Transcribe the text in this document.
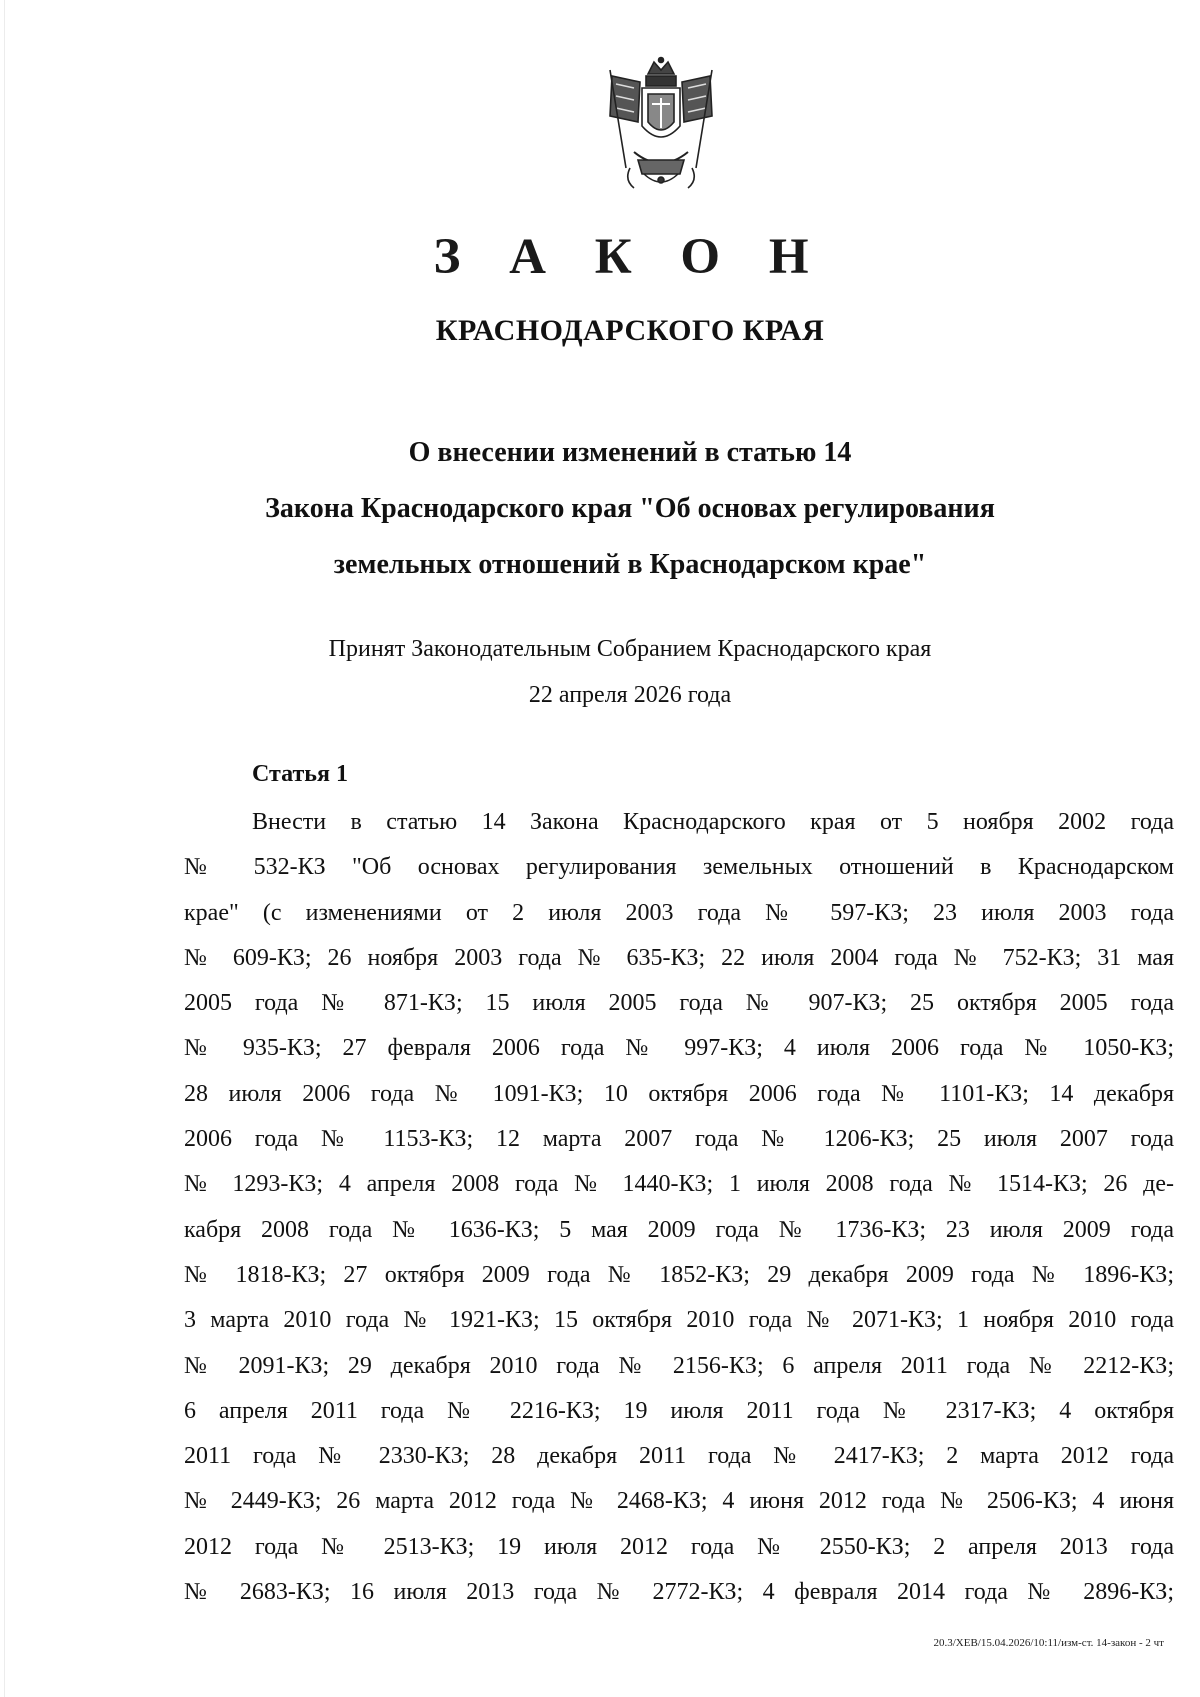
З А К О Н
КРАСНОДАРСКОГО КРАЯ
О внесении изменений в статью 14
Закона Краснодарского края "Об основах регулирования
земельных отношений в Краснодарском крае"
Принят Законодательным Собранием Краснодарского края
22 апреля 2026 года
Статья 1
Внести в статью 14 Закона Краснодарского края от 5 ноября 2002 года
№ 532-КЗ "Об основах регулирования земельных отношений в Краснодарском
крае" (с изменениями от 2 июля 2003 года № 597-КЗ; 23 июля 2003 года
№ 609-КЗ; 26 ноября 2003 года № 635-КЗ; 22 июля 2004 года № 752-КЗ; 31 мая
2005 года № 871-КЗ; 15 июля 2005 года № 907-КЗ; 25 октября 2005 года
№ 935-КЗ; 27 февраля 2006 года № 997-КЗ; 4 июля 2006 года № 1050-КЗ;
28 июля 2006 года № 1091-КЗ; 10 октября 2006 года № 1101-КЗ; 14 декабря
2006 года № 1153-КЗ; 12 марта 2007 года № 1206-КЗ; 25 июля 2007 года
№ 1293-КЗ; 4 апреля 2008 года № 1440-КЗ; 1 июля 2008 года № 1514-КЗ; 26 де-
кабря 2008 года № 1636-КЗ; 5 мая 2009 года № 1736-КЗ; 23 июля 2009 года
№ 1818-КЗ; 27 октября 2009 года № 1852-КЗ; 29 декабря 2009 года № 1896-КЗ;
3 марта 2010 года № 1921-КЗ; 15 октября 2010 года № 2071-КЗ; 1 ноября 2010 года
№ 2091-КЗ; 29 декабря 2010 года № 2156-КЗ; 6 апреля 2011 года № 2212-КЗ;
6 апреля 2011 года № 2216-КЗ; 19 июля 2011 года № 2317-КЗ; 4 октября
2011 года № 2330-КЗ; 28 декабря 2011 года № 2417-КЗ; 2 марта 2012 года
№ 2449-КЗ; 26 марта 2012 года № 2468-КЗ; 4 июня 2012 года № 2506-КЗ; 4 июня
2012 года № 2513-КЗ; 19 июля 2012 года № 2550-КЗ; 2 апреля 2013 года
№ 2683-КЗ; 16 июля 2013 года № 2772-КЗ; 4 февраля 2014 года № 2896-КЗ;
20.3/ХЕВ/15.04.2026/10:11/изм-ст. 14-закон - 2 чт
